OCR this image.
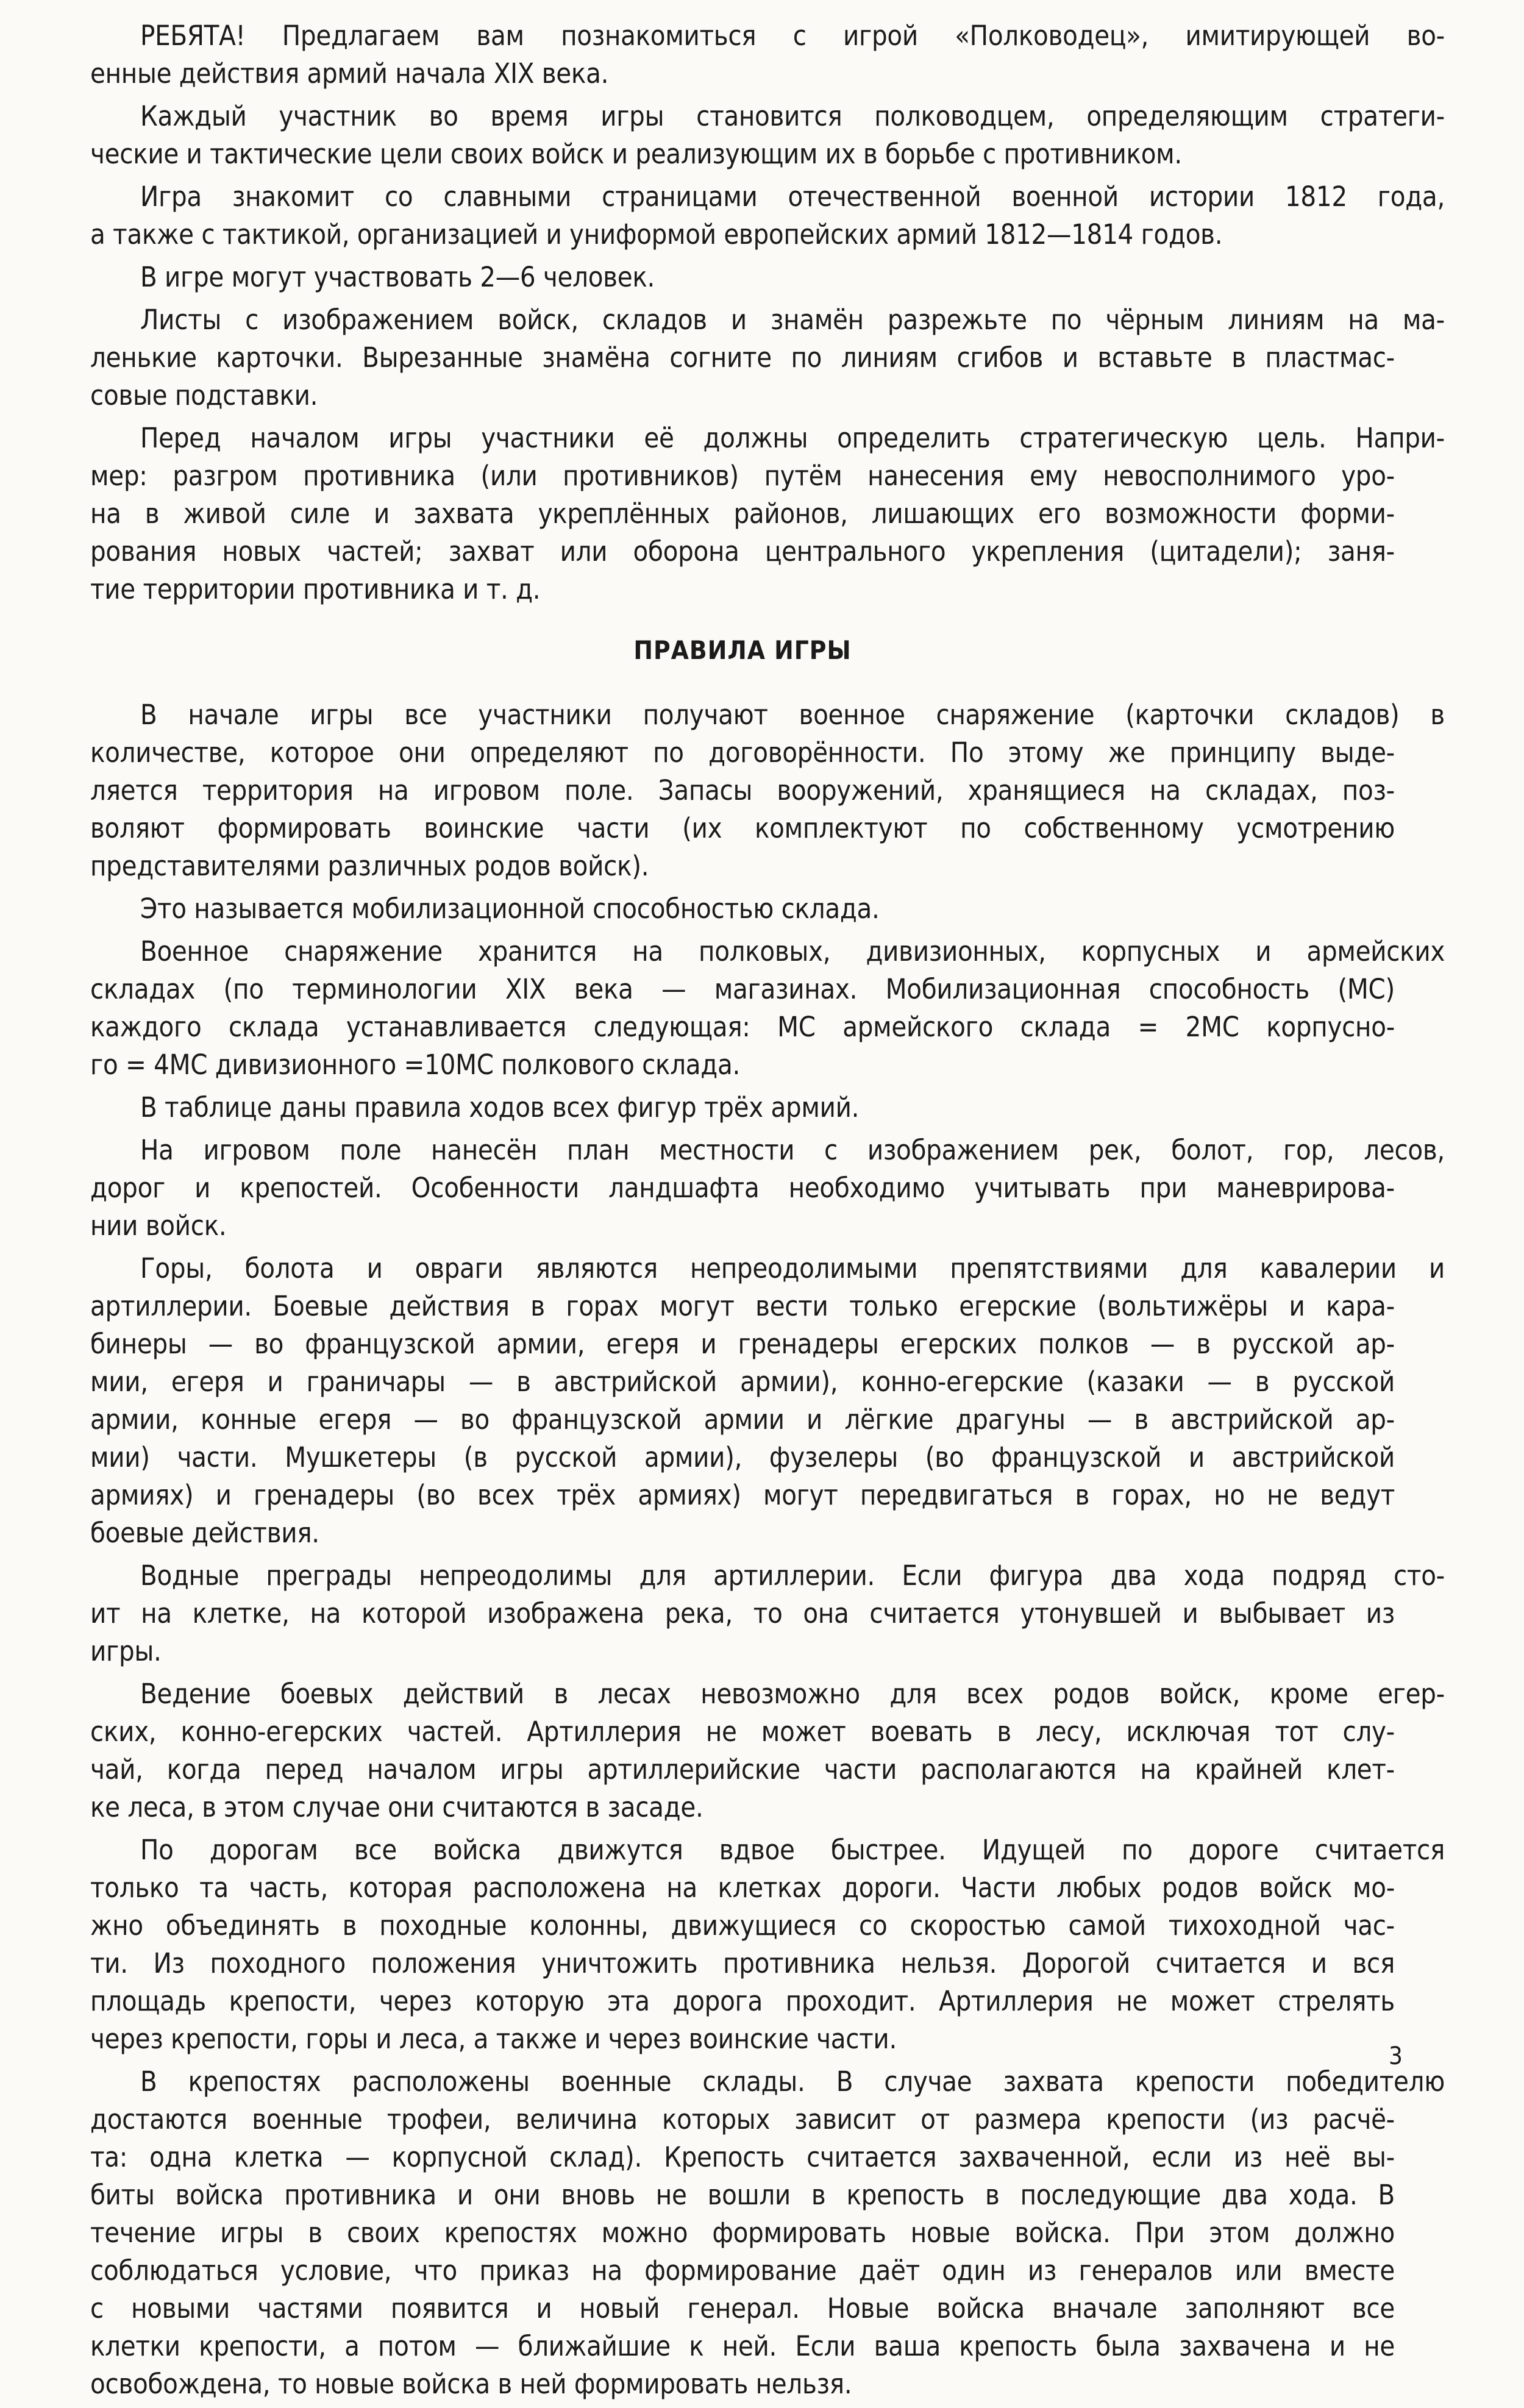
РЕБЯТА! Предлагаем вам познакомиться с игрой «Полководец», имитирующей во-
енные действия армий начала XIX века.
Каждый участник во время игры становится полководцем, определяющим стратеги-
ческие и тактические цели своих войск и реализующим их в борьбе с противником.
Игра знакомит со славными страницами отечественной военной истории 1812 года,
а также с тактикой, организацией и униформой европейских армий 1812—1814 годов.
В игре могут участвовать 2—6 человек.
Листы с изображением войск, складов и знамён разрежьте по чёрным линиям на ма-
ленькие карточки. Вырезанные знамёна согните по линиям сгибов и вставьте в пластмас-
совые подставки.
Перед началом игры участники её должны определить стратегическую цель. Напри-
мер: разгром противника (или противников) путём нанесения ему невосполнимого уро-
на в живой силе и захвата укреплённых районов, лишающих его возможности форми-
рования новых частей; захват или оборона центрального укрепления (цитадели); заня-
тие территории противника и т. д.
ПРАВИЛА ИГРЫ
В начале игры все участники получают военное снаряжение (карточки складов) в
количестве, которое они определяют по договорённости. По этому же принципу выде-
ляется территория на игровом поле. Запасы вооружений, хранящиеся на складах, поз-
воляют формировать воинские части (их комплектуют по собственному усмотрению
представителями различных родов войск).
Это называется мобилизационной способностью склада.
Военное снаряжение хранится на полковых, дивизионных, корпусных и армейских
складах (по терминологии XIX века — магазинах. Мобилизационная способность (МС)
каждого склада устанавливается следующая: МС армейского склада = 2МС корпусно-
го = 4МС дивизионного =10МС полкового склада.
В таблице даны правила ходов всех фигур трёх армий.
На игровом поле нанесён план местности с изображением рек, болот, гор, лесов,
дорог и крепостей. Особенности ландшафта необходимо учитывать при маневрирова-
нии войск.
Горы, болота и овраги являются непреодолимыми препятствиями для кавалерии и
артиллерии. Боевые действия в горах могут вести только егерские (вольтижёры и кара-
бинеры — во французской армии, егеря и гренадеры егерских полков — в русской ар-
мии, егеря и граничары — в австрийской армии), конно-егерские (казаки — в русской
армии, конные егеря — во французской армии и лёгкие драгуны — в австрийской ар-
мии) части. Мушкетеры (в русской армии), фузелеры (во французской и австрийской
армиях) и гренадеры (во всех трёх армиях) могут передвигаться в горах, но не ведут
боевые действия.
Водные преграды непреодолимы для артиллерии. Если фигура два хода подряд сто-
ит на клетке, на которой изображена река, то она считается утонувшей и выбывает из
игры.
Ведение боевых действий в лесах невозможно для всех родов войск, кроме егер-
ских, конно-егерских частей. Артиллерия не может воевать в лесу, исключая тот слу-
чай, когда перед началом игры артиллерийские части располагаются на крайней клет-
ке леса, в этом случае они считаются в засаде.
По дорогам все войска движутся вдвое быстрее. Идущей по дороге считается
только та часть, которая расположена на клетках дороги. Части любых родов войск мо-
жно объединять в походные колонны, движущиеся со скоростью самой тихоходной час-
ти. Из походного положения уничтожить противника нельзя. Дорогой считается и вся
площадь крепости, через которую эта дорога проходит. Артиллерия не может стрелять
через крепости, горы и леса, а также и через воинские части.
В крепостях расположены военные склады. В случае захвата крепости победителю
достаются военные трофеи, величина которых зависит от размера крепости (из расчё-
та: одна клетка — корпусной склад). Крепость считается захваченной, если из неё вы-
биты войска противника и они вновь не вошли в крепость в последующие два хода. В
течение игры в своих крепостях можно формировать новые войска. При этом должно
соблюдаться условие, что приказ на формирование даёт один из генералов или вместе
с новыми частями появится и новый генерал. Новые войска вначале заполняют все
клетки крепости, а потом — ближайшие к ней. Если ваша крепость была захвачена и не
освобождена, то новые войска в ней формировать нельзя.
3
